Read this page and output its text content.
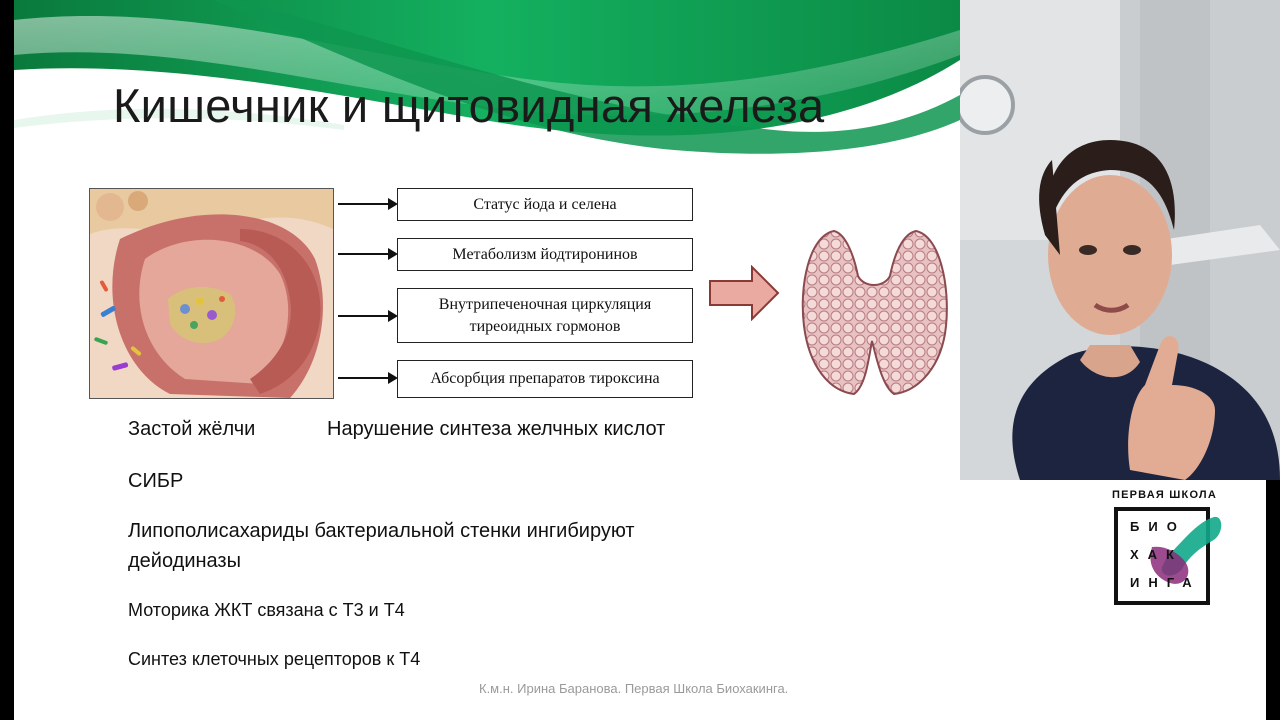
Кишечник и щитовидная железа
Статус йода и селена
Метаболизм йодтиронинов
Внутрипеченочная циркуляция тиреоидных гормонов
Абсорбция препаратов тироксина
Застой жёлчи	Нарушение синтеза желчных кислот
СИБР
Липополисахариды бактериальной стенки ингибируют
дейодиназы
Моторика ЖКТ связана с Т3 и Т4
Синтез клеточных рецепторов к Т4
К.м.н. Ирина Баранова. Первая Школа Биохакинга.
ПЕРВАЯ ШКОЛА
БИО
ХАК
ИНГА
